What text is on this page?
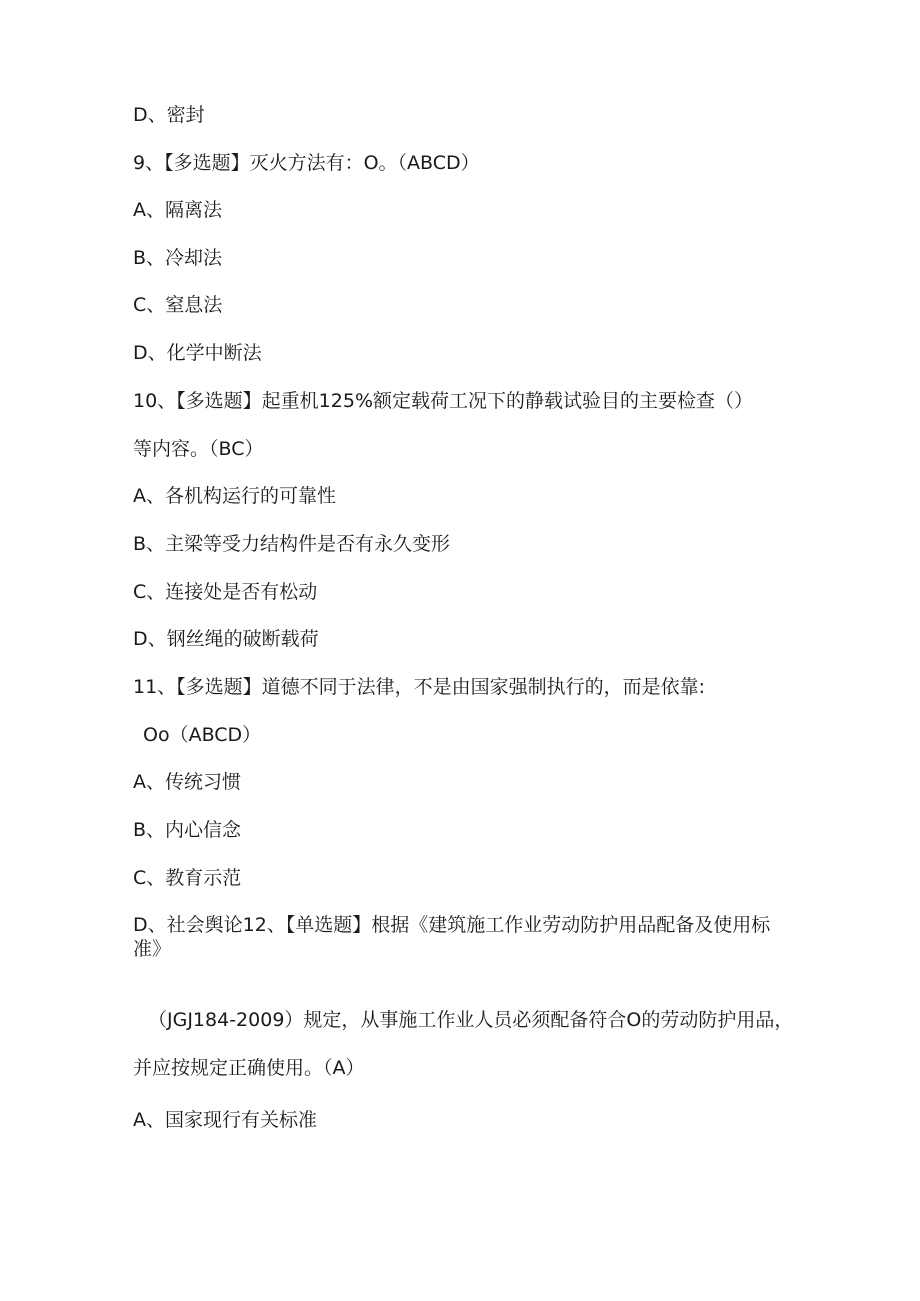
D、密封

9、【多选题】灭火方法有：O。（ABCD）

A、隔离法

B、冷却法

C、窒息法

D、化学中断法

10、【多选题】起重机125%额定载荷工况下的静载试验目的主要检查（）

等内容。（BC）

A、各机构运行的可靠性

B、主梁等受力结构件是否有永久变形

C、连接处是否有松动

D、钢丝绳的破断载荷

11、【多选题】道德不同于法律，不是由国家强制执行的，而是依靠:

Oo（ABCD）

A、传统习惯

B、内心信念

C、教育示范

D、社会舆论12、【单选题】根据《建筑施工作业劳动防护用品配备及使用标准》

（JGJ184-2009）规定，从事施工作业人员必须配备符合O的劳动防护用品，

并应按规定正确使用。（A）

A、国家现行有关标准
